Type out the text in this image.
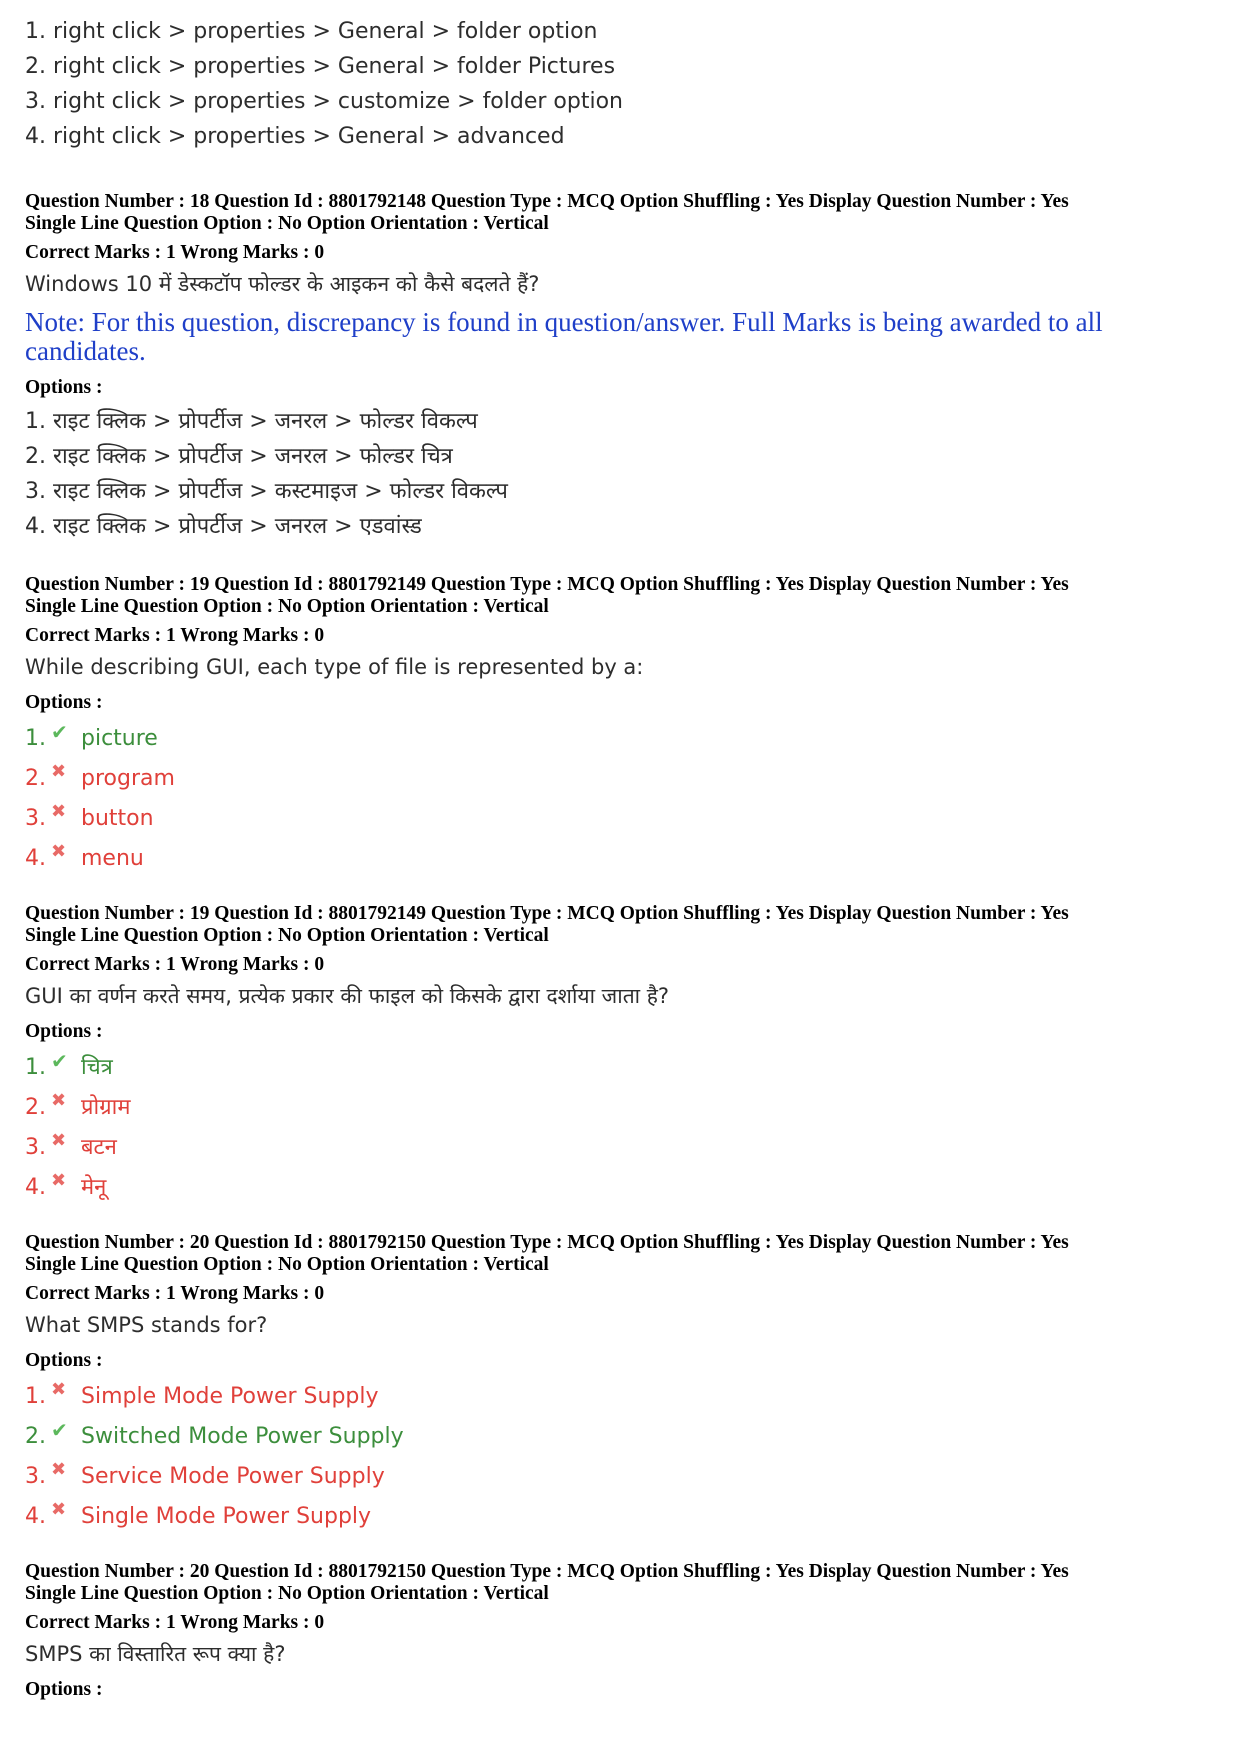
1. right click > properties > General > folder option
2. right click > properties > General > folder Pictures
3. right click > properties > customize > folder option
4. right click > properties > General > advanced
Question Number : 18 Question Id : 8801792148 Question Type : MCQ Option Shuffling : Yes Display Question Number : Yes
Single Line Question Option : No Option Orientation : Vertical
Correct Marks : 1 Wrong Marks : 0
Windows 10 में डेस्कटॉप फोल्डर के आइकन को कैसे बदलते हैं?
Note: For this question, discrepancy is found in question/answer. Full Marks is being awarded to all candidates.
Options :
1. राइट क्लिक > प्रोपर्टीज > जनरल > फोल्डर विकल्प
2. राइट क्लिक > प्रोपर्टीज > जनरल > फोल्डर चित्र
3. राइट क्लिक > प्रोपर्टीज > कस्टमाइज > फोल्डर विकल्प
4. राइट क्लिक > प्रोपर्टीज > जनरल > एडवांस्ड
Question Number : 19 Question Id : 8801792149 Question Type : MCQ Option Shuffling : Yes Display Question Number : Yes
Single Line Question Option : No Option Orientation : Vertical
Correct Marks : 1 Wrong Marks : 0
While describing GUI, each type of file is represented by a:
Options :
1. ✔ picture
2. ✖ program
3. ✖ button
4. ✖ menu
Question Number : 19 Question Id : 8801792149 Question Type : MCQ Option Shuffling : Yes Display Question Number : Yes
Single Line Question Option : No Option Orientation : Vertical
Correct Marks : 1 Wrong Marks : 0
GUI का वर्णन करते समय, प्रत्येक प्रकार की फाइल को किसके द्वारा दर्शाया जाता है?
Options :
1. ✔ चित्र
2. ✖ प्रोग्राम
3. ✖ बटन
4. ✖ मेनू
Question Number : 20 Question Id : 8801792150 Question Type : MCQ Option Shuffling : Yes Display Question Number : Yes
Single Line Question Option : No Option Orientation : Vertical
Correct Marks : 1 Wrong Marks : 0
What SMPS stands for?
Options :
1. ✖ Simple Mode Power Supply
2. ✔ Switched Mode Power Supply
3. ✖ Service Mode Power Supply
4. ✖ Single Mode Power Supply
Question Number : 20 Question Id : 8801792150 Question Type : MCQ Option Shuffling : Yes Display Question Number : Yes
Single Line Question Option : No Option Orientation : Vertical
Correct Marks : 1 Wrong Marks : 0
SMPS का विस्तारित रूप क्या है?
Options :
